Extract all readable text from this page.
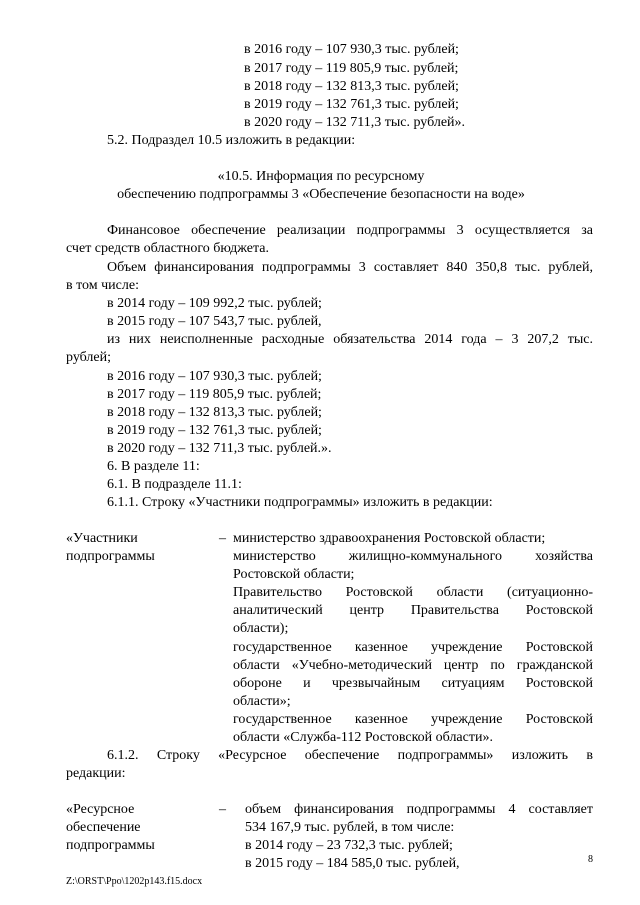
в 2016 году – 107 930,3 тыс. рублей;
в 2017 году – 119 805,9 тыс. рублей;
в 2018 году – 132 813,3 тыс. рублей;
в 2019 году – 132 761,3 тыс. рублей;
в 2020 году – 132 711,3 тыс. рублей».
5.2. Подраздел 10.5 изложить в редакции:
«10.5. Информация по ресурсному
обеспечению подпрограммы 3 «Обеспечение безопасности на воде»
Финансовое обеспечение реализации подпрограммы 3 осуществляется за
счет средств областного бюджета.
Объем финансирования подпрограммы 3 составляет 840 350,8 тыс. рублей,
в том числе:
в 2014 году – 109 992,2 тыс. рублей;
в 2015 году – 107 543,7 тыс. рублей,
из них неисполненные расходные обязательства 2014 года – 3 207,2 тыс.
рублей;
в 2016 году – 107 930,3 тыс. рублей;
в 2017 году – 119 805,9 тыс. рублей;
в 2018 году – 132 813,3 тыс. рублей;
в 2019 году – 132 761,3 тыс. рублей;
в 2020 году – 132 711,3 тыс. рублей.».
6. В разделе 11:
6.1. В подразделе 11.1:
6.1.1. Строку «Участники подпрограммы» изложить в редакции:
«Участники
подпрограммы
– министерство здравоохранения Ростовской области;
министерство жилищно-коммунального хозяйства
Ростовской области;
Правительство Ростовской области (ситуационно-
аналитический центр Правительства Ростовской
области);
государственное казенное учреждение Ростовской
области «Учебно-методический центр по гражданской
обороне и чрезвычайным ситуациям Ростовской
области»;
государственное казенное учреждение Ростовской
области «Служба-112 Ростовской области».
6.1.2. Строку «Ресурсное обеспечение подпрограммы» изложить в
редакции:
«Ресурсное
обеспечение
подпрограммы
– объем финансирования подпрограммы 4 составляет
534 167,9 тыс. рублей, в том числе:
в 2014 году – 23 732,3 тыс. рублей;
в 2015 году – 184 585,0 тыс. рублей,	8
Z:\ORST\Ppo\1202p143.f15.docx
